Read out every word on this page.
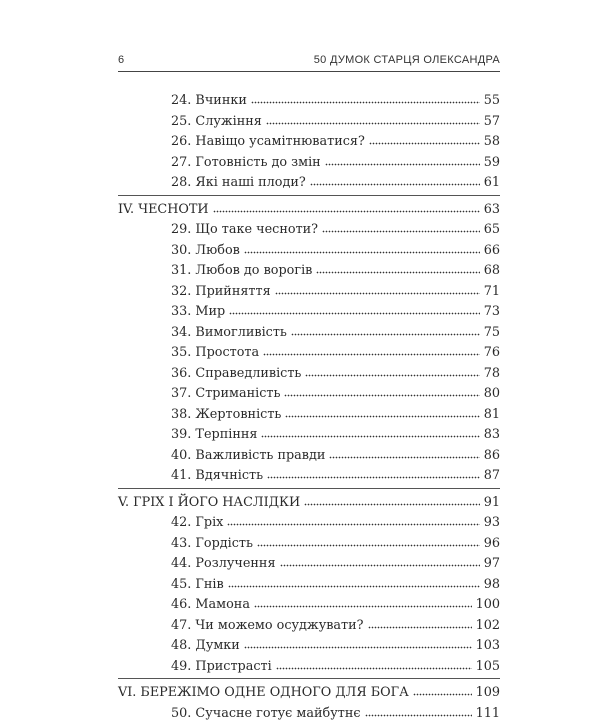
6	50 ДУМОК СТАРЦЯ ОЛЕКСАНДРА
24. Вчинки	55
25. Служіння	57
26. Навіщо усамітнюватися?	58
27. Готовність до змін	59
28. Які наші плоди?	61
IV. ЧЕСНОТИ	63
29. Що таке чесноти?	65
30. Любов	66
31. Любов до ворогів	68
32. Прийняття	71
33. Мир	73
34. Вимогливість	75
35. Простота	76
36. Справедливість	78
37. Стриманість	80
38. Жертовність	81
39. Терпіння	83
40. Важливість правди	86
41. Вдячність	87
V. ГРІХ І ЙОГО НАСЛІДКИ	91
42. Гріх	93
43. Гордість	96
44. Розлучення	97
45. Гнів	98
46. Мамона	100
47. Чи можемо осуджувати?	102
48. Думки	103
49. Пристрасті	105
VI. БЕРЕЖІМО ОДНЕ ОДНОГО ДЛЯ БОГА	109
50. Сучасне готує майбутнє	111
